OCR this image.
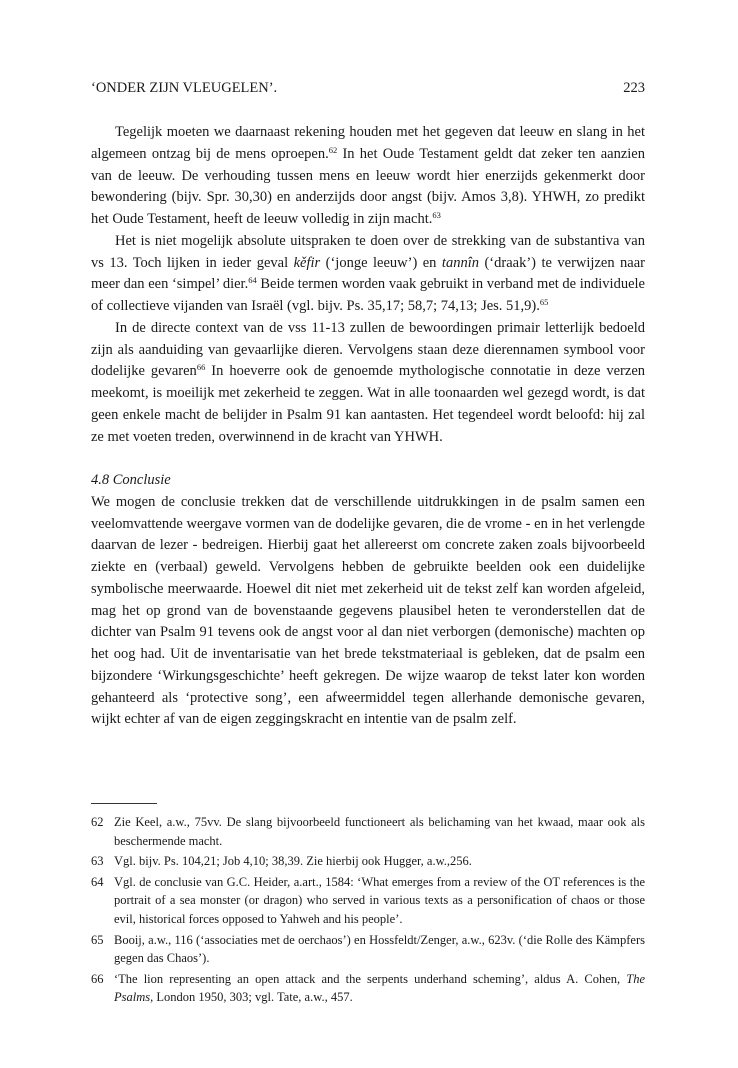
‘ONDER ZIJN VLEUGELEN’.	223

Tegelijk moeten we daarnaast rekening houden met het gegeven dat leeuw en slang in het algemeen ontzag bij de mens oproepen.$^{62}$ In het Oude Testament geldt dat zeker ten aanzien van de leeuw. De verhouding tussen mens en leeuw wordt hier enerzijds gekenmerkt door bewondering (bijv. Spr. 30,30) en anderzijds door angst (bijv. Amos 3,8). YHWH, zo predikt het Oude Testament, heeft de leeuw volledig in zijn macht.$^{63}$

Het is niet mogelijk absolute uitspraken te doen over de strekking van de substantiva van vs 13. Toch lijken in ieder geval kěfir (‘jonge leeuw’) en tannîn (‘draak’) te verwijzen naar meer dan een ‘simpel’ dier.$^{64}$ Beide termen worden vaak gebruikt in verband met de individuele of collectieve vijanden van Israël (vgl. bijv. Ps. 35,17; 58,7; 74,13; Jes. 51,9).$^{65}$

In de directe context van de vss 11-13 zullen de bewoordingen primair letterlijk bedoeld zijn als aanduiding van gevaarlijke dieren. Vervolgens staan deze dierennamen symbool voor dodelijke gevaren$^{66}$ In hoeverre ook de genoemde mythologische connotatie in deze verzen meekomt, is moeilijk met zekerheid te zeggen. Wat in alle toonaarden wel gezegd wordt, is dat geen enkele macht de belijder in Psalm 91 kan aantasten. Het tegendeel wordt beloofd: hij zal ze met voeten treden, overwinnend in de kracht van YHWH.

4.8 Conclusie

We mogen de conclusie trekken dat de verschillende uitdrukkingen in de psalm samen een veelomvattende weergave vormen van de dodelijke gevaren, die de vrome - en in het verlengde daarvan de lezer - bedreigen. Hierbij gaat het allereerst om concrete zaken zoals bijvoorbeeld ziekte en (verbaal) geweld. Vervolgens hebben de gebruikte beelden ook een duidelijke symbolische meerwaarde. Hoewel dit niet met zekerheid uit de tekst zelf kan worden afgeleid, mag het op grond van de bovenstaande gegevens plausibel heten te veronderstellen dat de dichter van Psalm 91 tevens ook de angst voor al dan niet verborgen (demonische) machten op het oog had. Uit de inventarisatie van het brede tekstmateriaal is gebleken, dat de psalm een bijzondere ‘Wirkungsgeschichte’ heeft gekregen. De wijze waarop de tekst later kon worden gehanteerd als ‘protective song’, een afweermiddel tegen allerhande demonische gevaren, wijkt echter af van de eigen zeggingskracht en intentie van de psalm zelf.

62 Zie Keel, a.w., 75vv. De slang bijvoorbeeld functioneert als belichaming van het kwaad, maar ook als beschermende macht.
63 Vgl. bijv. Ps. 104,21; Job 4,10; 38,39. Zie hierbij ook Hugger, a.w.,256.
64 Vgl. de conclusie van G.C. Heider, a.art., 1584: ‘What emerges from a review of the OT references is the portrait of a sea monster (or dragon) who served in various texts as a personification of chaos or those evil, historical forces opposed to Yahweh and his people’.
65 Booij, a.w., 116 (‘associaties met de oerchaos’) en Hossfeldt/Zenger, a.w., 623v. (‘die Rolle des Kämpfers gegen das Chaos’).
66 ‘The lion representing an open attack and the serpents underhand scheming’, aldus A. Cohen, The Psalms, London 1950, 303; vgl. Tate, a.w., 457.
